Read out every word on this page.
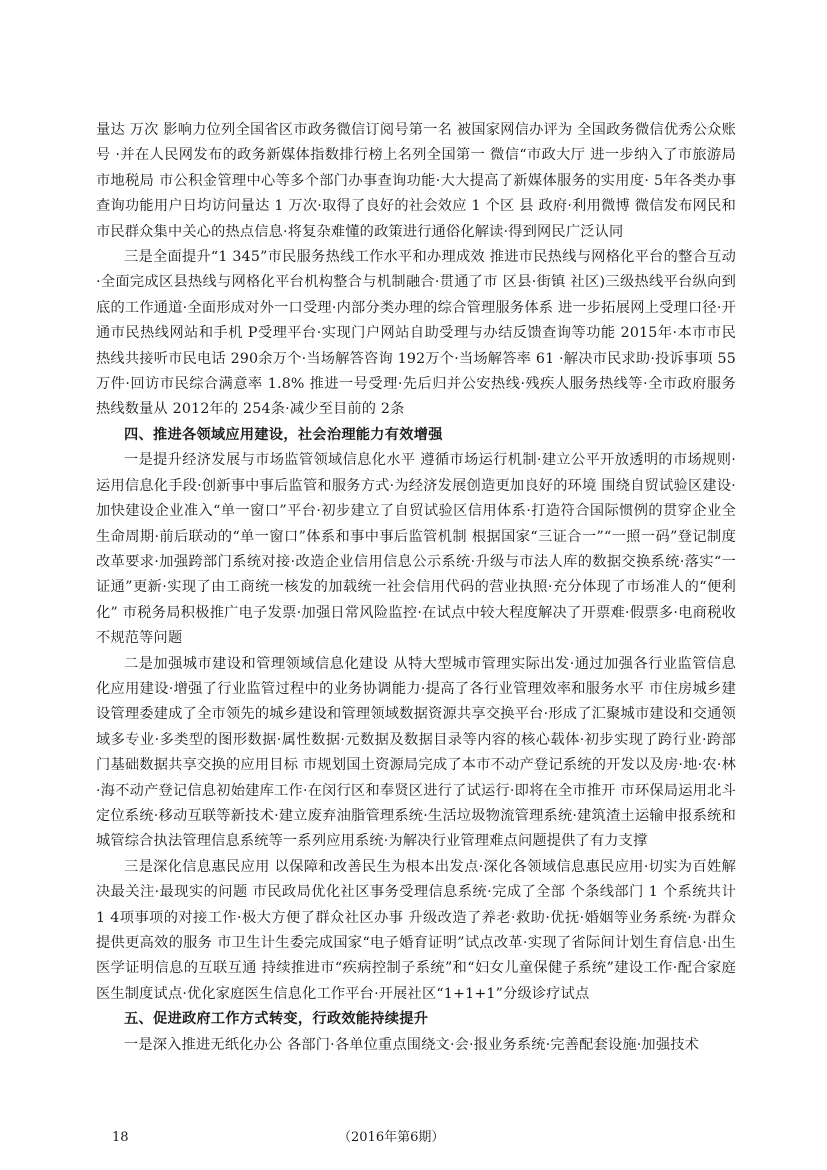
量达 万次 影响力位列全国省区市政务微信订阅号第一名 被国家网信办评为 全国政务微信优秀公众账号 ·并在人民网发布的政务新媒体指数排行榜上名列全国第一 微信“市政大厅 进一步纳入了市旅游局 市地税局 市公积金管理中心等多个部门办事查询功能·大大提高了新媒体服务的实用度· 5年各类办事查询功能用户日均访问量达 1 万次·取得了良好的社会效应 1 个区 县 政府·利用微博 微信发布网民和市民群众集中关心的热点信息·将复杂难懂的政策进行通俗化解读·得到网民广泛认同

三是全面提升“1 345”市民服务热线工作水平和办理成效 推进市民热线与网格化平台的整合互动·全面完成区县热线与网格化平台机构整合与机制融合·贯通了市 区县·街镇 社区)三级热线平台纵向到底的工作通道·全面形成对外一口受理·内部分类办理的综合管理服务体系 进一步拓展网上受理口径·开通市民热线网站和手机 P受理平台·实现门户网站自助受理与办结反馈查询等功能 2015年·本市市民热线共接听市民电话 290余万个·当场解答咨询 192万个·当场解答率 61 ·解决市民求助·投诉事项 55万件·回访市民综合满意率 1.8% 推进一号受理·先后归并公安热线·残疾人服务热线等·全市政府服务热线数量从 2012年的 254条·减少至目前的 2条

四、推进各领域应用建设，社会治理能力有效增强

一是提升经济发展与市场监管领域信息化水平 遵循市场运行机制·建立公平开放透明的市场规则·运用信息化手段·创新事中事后监管和服务方式·为经济发展创造更加良好的环境 围绕自贸试验区建设·加快建设企业准入“单一窗口”平台·初步建立了自贸试验区信用体系·打造符合国际惯例的贯穿企业全生命周期·前后联动的“单一窗口”体系和事中事后监管机制 根据国家“三证合一”“一照一码”登记制度改革要求·加强跨部门系统对接·改造企业信用信息公示系统·升级与市法人库的数据交换系统·落实“一证通”更新·实现了由工商统一核发的加载统一社会信用代码的营业执照·充分体现了市场准人的“便利化” 市税务局积极推广电子发票·加强日常风险监控·在试点中较大程度解决了开票难·假票多·电商税收不规范等问题

二是加强城市建设和管理领域信息化建设 从特大型城市管理实际出发·通过加强各行业监管信息化应用建设·增强了行业监管过程中的业务协调能力·提高了各行业管理效率和服务水平 市住房城乡建设管理委建成了全市领先的城乡建设和管理领域数据资源共享交换平台·形成了汇聚城市建设和交通领域多专业·多类型的图形数据·属性数据·元数据及数据目录等内容的核心载体·初步实现了跨行业·跨部门基础数据共享交换的应用目标 市规划国土资源局完成了本市不动产登记系统的开发以及房·地·农·林·海不动产登记信息初始建库工作·在闵行区和奉贤区进行了试运行·即将在全市推开 市环保局运用北斗定位系统·移动互联等新技术·建立废弃油脂管理系统·生活垃圾物流管理系统·建筑渣土运输申报系统和城管综合执法管理信息系统等一系列应用系统·为解决行业管理难点问题提供了有力支撑

三是深化信息惠民应用 以保障和改善民生为根本出发点·深化各领域信息惠民应用·切实为百姓解决最关注·最现实的问题 市民政局优化社区事务受理信息系统·完成了全部 个条线部门 1 个系统共计 1 4项事项的对接工作·极大方便了群众社区办事 升级改造了养老·救助·优抚·婚姻等业务系统·为群众提供更高效的服务 市卫生计生委完成国家“电子婚育证明”试点改革·实现了省际间计划生育信息·出生医学证明信息的互联互通 持续推进市“疾病控制子系统”和“妇女儿童保健子系统”建设工作·配合家庭医生制度试点·优化家庭医生信息化工作平台·开展社区“1+1+1”分级诊疗试点

五、促进政府工作方式转变，行政效能持续提升

一是深入推进无纸化办公 各部门·各单位重点围绕文·会·报业务系统·完善配套设施·加强技术

18	（2016年第6期）
